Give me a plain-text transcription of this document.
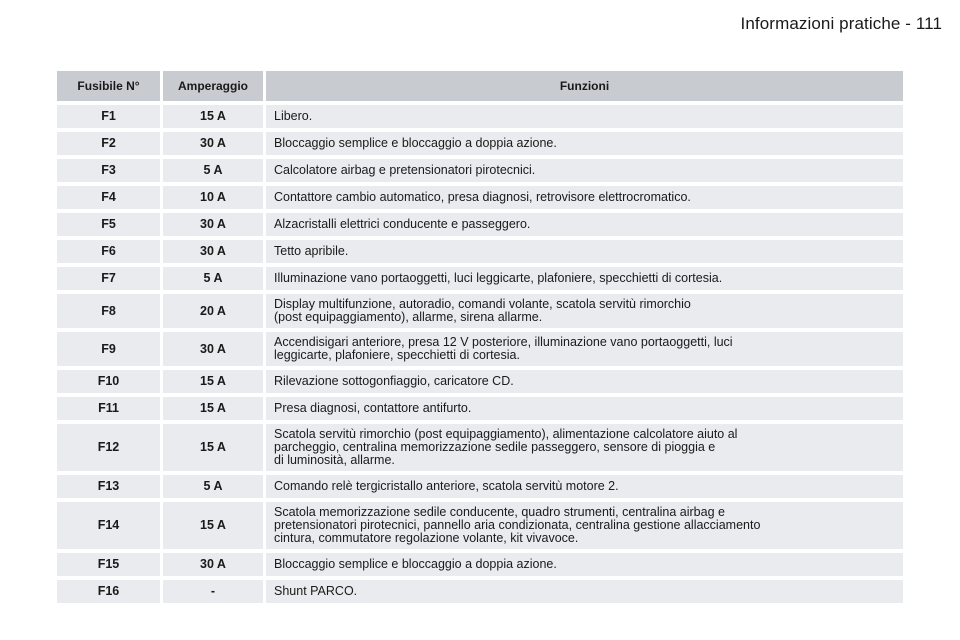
Informazioni pratiche - 111
Fusibile N°	Amperaggio	Funzioni
F1	15 A	Libero.
F2	30 A	Bloccaggio semplice e bloccaggio a doppia azione.
F3	5 A	Calcolatore airbag e pretensionatori pirotecnici.
F4	10 A	Contattore cambio automatico, presa diagnosi, retrovisore elettrocromatico.
F5	30 A	Alzacristalli elettrici conducente e passeggero.
F6	30 A	Tetto apribile.
F7	5 A	Illuminazione vano portaoggetti, luci leggicarte, plafoniere, specchietti di cortesia.
F8	20 A	Display multifunzione, autoradio, comandi volante, scatola servitù rimorchio
(post equipaggiamento), allarme, sirena allarme.
F9	30 A	Accendisigari anteriore, presa 12 V posteriore, illuminazione vano portaoggetti, luci
leggicarte, plafoniere, specchietti di cortesia.
F10	15 A	Rilevazione sottogonfiaggio, caricatore CD.
F11	15 A	Presa diagnosi, contattore antifurto.
F12	15 A	Scatola servitù rimorchio (post equipaggiamento), alimentazione calcolatore aiuto al
parcheggio, centralina memorizzazione sedile passeggero, sensore di pioggia e
di luminosità, allarme.
F13	5 A	Comando relè tergicristallo anteriore, scatola servitù motore 2.
F14	15 A	Scatola memorizzazione sedile conducente, quadro strumenti, centralina airbag e
pretensionatori pirotecnici, pannello aria condizionata, centralina gestione allacciamento
cintura, commutatore regolazione volante, kit vivavoce.
F15	30 A	Bloccaggio semplice e bloccaggio a doppia azione.
F16	-	Shunt PARCO.
